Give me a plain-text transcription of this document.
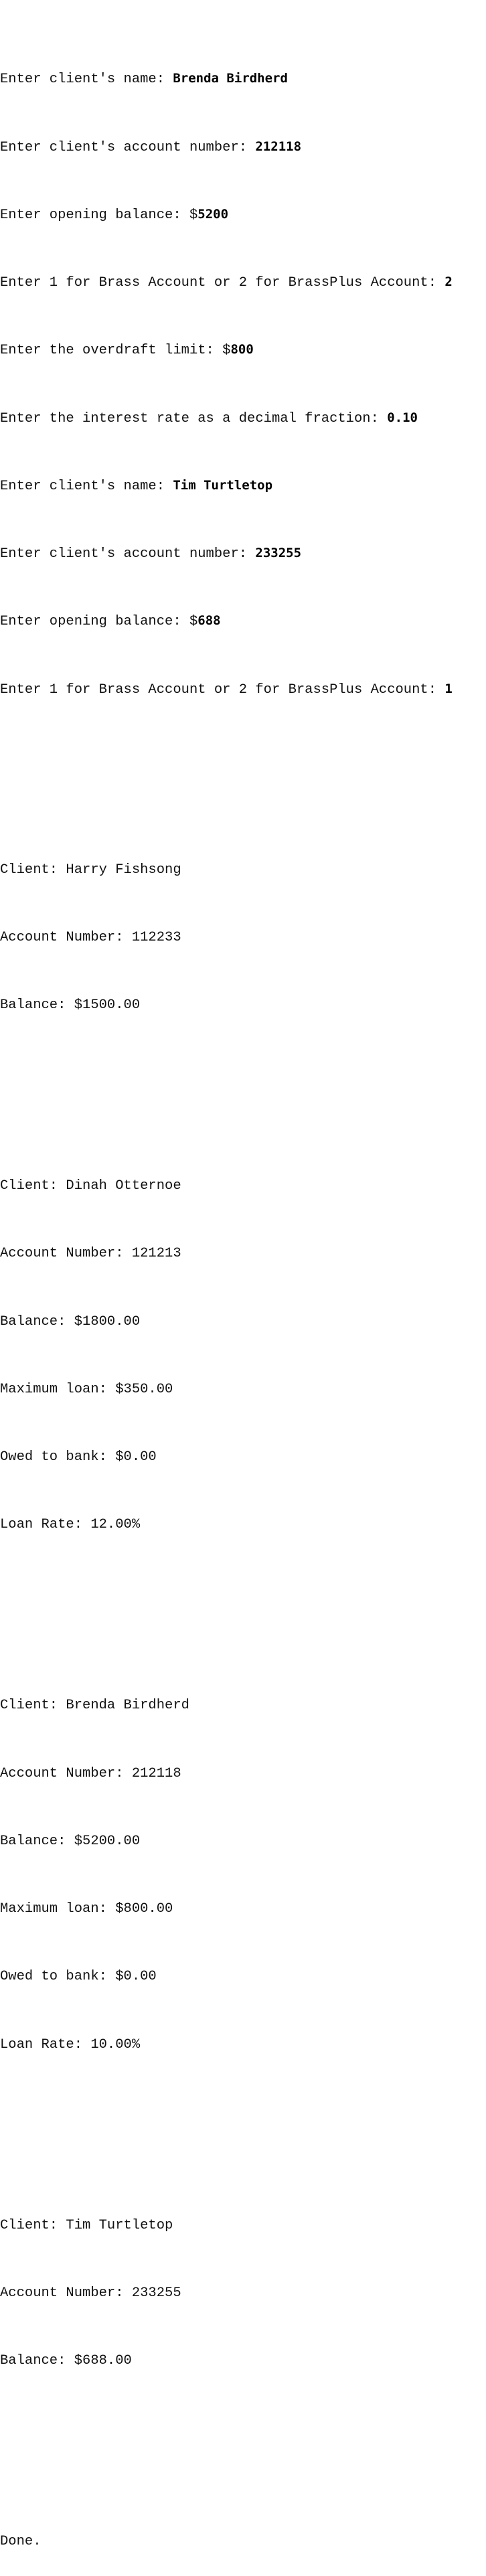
Enter client's name: Brenda Birdherd

Enter client's account number: 212118

Enter opening balance: $5200

Enter 1 for Brass Account or 2 for BrassPlus Account: 2

Enter the overdraft limit: $800

Enter the interest rate as a decimal fraction: 0.10

Enter client's name: Tim Turtletop

Enter client's account number: 233255

Enter opening balance: $688

Enter 1 for Brass Account or 2 for BrassPlus Account: 1

Client: Harry Fishsong

Account Number: 112233

Balance: $1500.00

Client: Dinah Otternoe

Account Number: 121213

Balance: $1800.00

Maximum loan: $350.00

Owed to bank: $0.00

Loan Rate: 12.00%

Client: Brenda Birdherd

Account Number: 212118

Balance: $5200.00

Maximum loan: $800.00

Owed to bank: $0.00

Loan Rate: 10.00%

Client: Tim Turtletop

Account Number: 233255

Balance: $688.00

Done.
